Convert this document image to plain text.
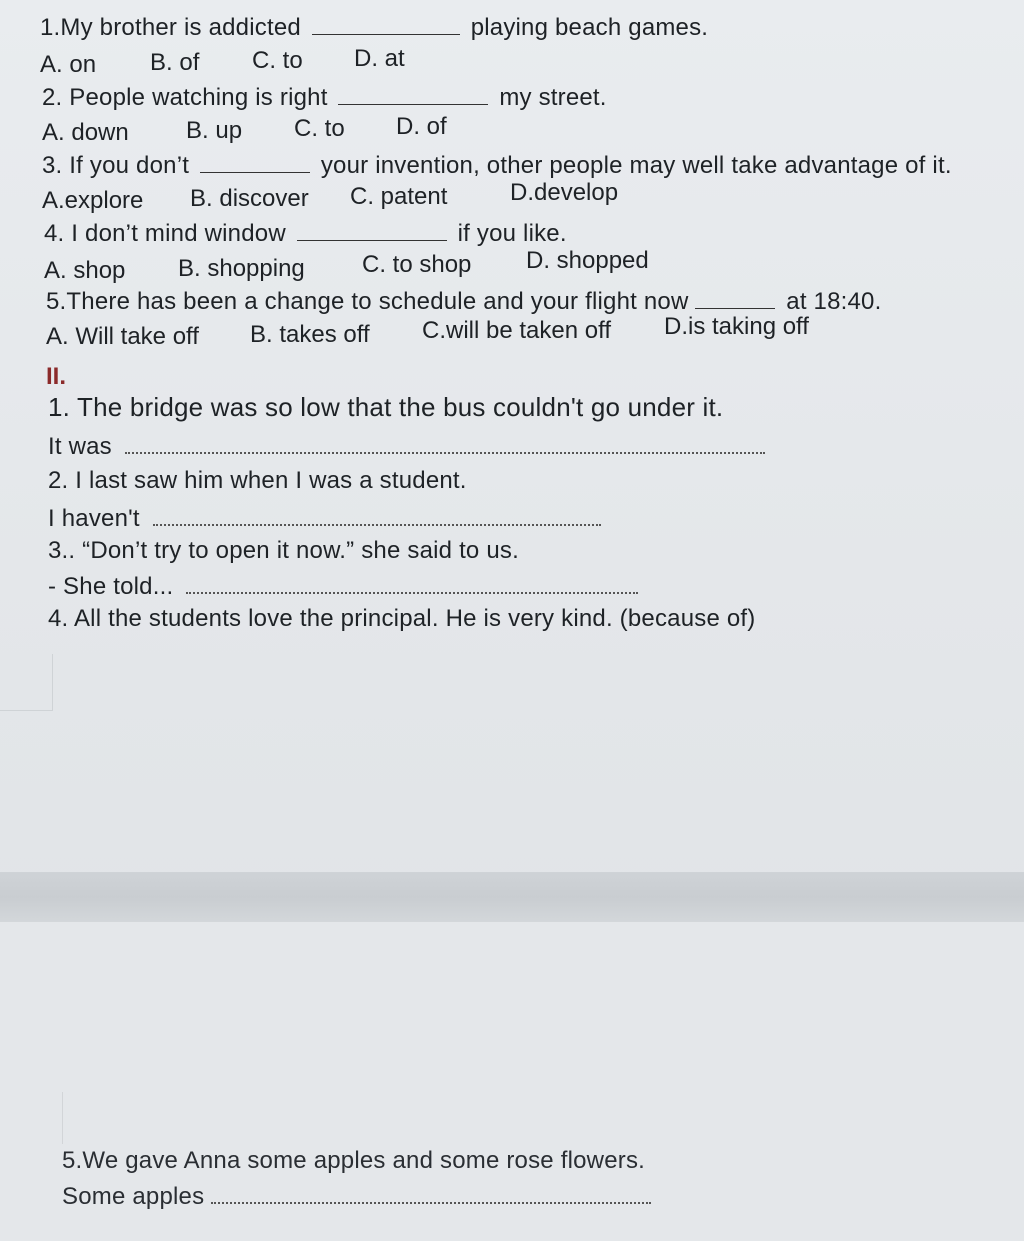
1.My brother is addicted	playing beach games.
A. on B. of C. to D. at
2. People watching is right	my street.
A. down B. up C. to D. of
3. If you don’t	your invention, other people may well take advantage of it.
A.explore B. discover C. patent	D.develop
4. I don’t mind window	if you like.
A. shop B. shopping C. to shop D. shopped
5.There has been a change to schedule and your flight now	at 18:40.
A. Will take off B. takes off C.will be taken off D.is taking off
II.
1. The bridge was so low that the bus couldn't go under it.
It was
2. I last saw him when I was a student.
I haven't
3.. “Don’t try to open it now.” she said to us.
- She told...
4. All the students love the principal. He is very kind. (because of)
5.We gave Anna some apples and some rose flowers.
Some apples
